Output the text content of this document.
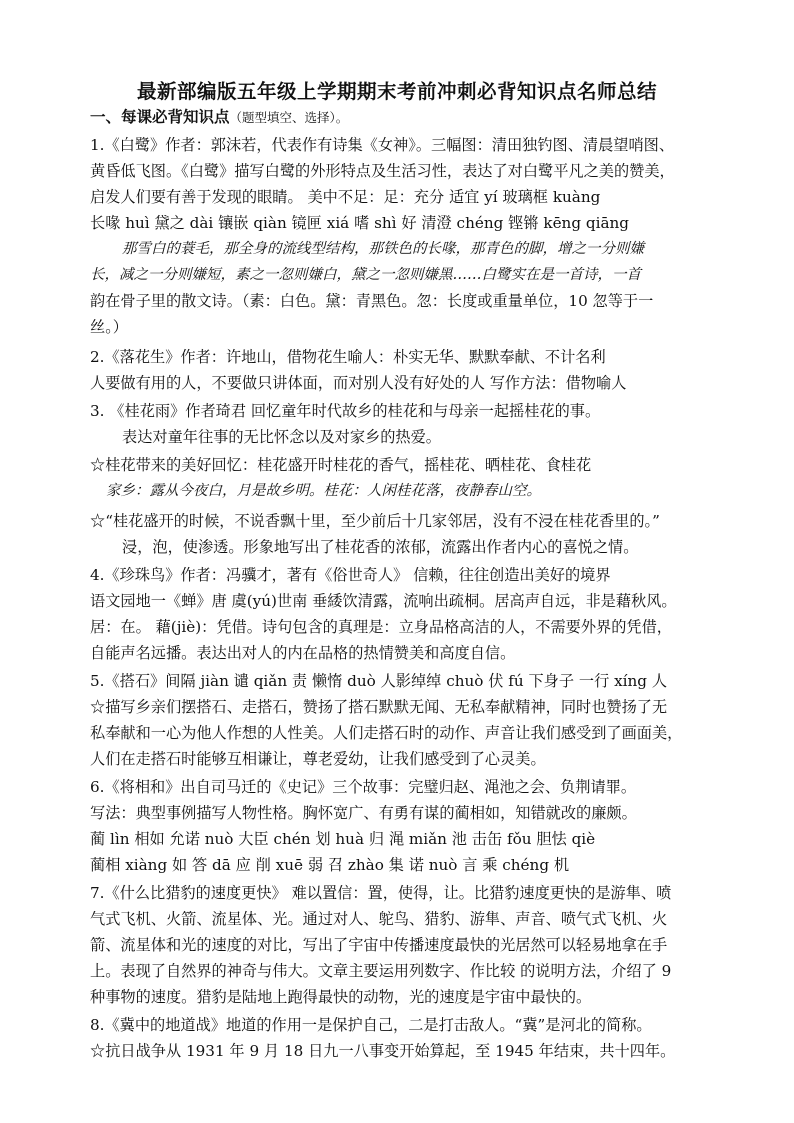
最新部编版五年级上学期期末考前冲刺必背知识点名师总结
一、每课必背知识点（题型填空、选择）。
1.《白鹭》作者：郭沫若，代表作有诗集《女神》。三幅图：清田独钓图、清晨望哨图、
黄昏低飞图。《白鹭》描写白鹭的外形特点及生活习性，表达了对白鹭平凡之美的赞美，
启发人们要有善于发现的眼睛。 美中不足：足：充分 适宜 yí 玻璃框 kuàng
长喙 huì 黛之 dài 镶嵌 qiàn 镜匣 xiá 嗜 shì 好 清澄 chéng 铿锵 kēng qiāng
那雪白的蓑毛，那全身的流线型结构，那铁色的长喙，那青色的脚，增之一分则嫌
长，减之一分则嫌短，素之一忽则嫌白，黛之一忽则嫌黑……白鹭实在是一首诗，一首
韵在骨子里的散文诗。（素：白色。黛：青黑色。忽：长度或重量单位，10 忽等于一
丝。）
2.《落花生》作者：许地山，借物花生喻人：朴实无华、默默奉献、不计名利
人要做有用的人，不要做只讲体面，而对别人没有好处的人 写作方法：借物喻人
3. 《桂花雨》作者琦君 回忆童年时代故乡的桂花和与母亲一起摇桂花的事。
表达对童年往事的无比怀念以及对家乡的热爱。
☆桂花带来的美好回忆：桂花盛开时桂花的香气，摇桂花、晒桂花、食桂花
家乡：露从今夜白，月是故乡明。桂花：人闲桂花落，夜静春山空。
☆“桂花盛开的时候，不说香飘十里，至少前后十几家邻居，没有不浸在桂花香里的。”
浸，泡，使渗透。形象地写出了桂花香的浓郁，流露出作者内心的喜悦之情。
4.《珍珠鸟》作者：冯骥才，著有《俗世奇人》 信赖，往往创造出美好的境界
语文园地一《蝉》唐 虞(yú)世南 垂緌饮清露，流响出疏桐。居高声自远，非是藉秋风。
居：在。 藉(jiè)：凭借。诗句包含的真理是：立身品格高洁的人，不需要外界的凭借，
自能声名远播。表达出对人的内在品格的热情赞美和高度自信。
5.《搭石》间隔 jiàn 谴 qiǎn 责 懒惰 duò 人影绰绰 chuò 伏 fú 下身子 一行 xíng 人
☆描写乡亲们摆搭石、走搭石，赞扬了搭石默默无闻、无私奉献精神，同时也赞扬了无
私奉献和一心为他人作想的人性美。人们走搭石时的动作、声音让我们感受到了画面美，
人们在走搭石时能够互相谦让，尊老爱幼，让我们感受到了心灵美。
6.《将相和》出自司马迁的《史记》三个故事：完璧归赵、渑池之会、负荆请罪。
写法：典型事例描写人物性格。胸怀宽广、有勇有谋的蔺相如，知错就改的廉颇。
蔺 lìn 相如 允诺 nuò 大臣 chén 划 huà 归 渑 miǎn 池 击缶 fǒu 胆怯 qiè
蔺相 xiàng 如 答 dā 应 削 xuē 弱 召 zhào 集 诺 nuò 言 乘 chéng 机
7.《什么比猎豹的速度更快》 难以置信：置，使得，让。比猎豹速度更快的是游隼、喷
气式飞机、火箭、流星体、光。通过对人、鸵鸟、猎豹、游隼、声音、喷气式飞机、火
箭、流星体和光的速度的对比，写出了宇宙中传播速度最快的光居然可以轻易地拿在手
上。表现了自然界的神奇与伟大。文章主要运用列数字、作比较 的说明方法，介绍了 9
种事物的速度。猎豹是陆地上跑得最快的动物，光的速度是宇宙中最快的。
8.《冀中的地道战》地道的作用一是保护自己，二是打击敌人。“冀”是河北的简称。
☆抗日战争从 1931 年 9 月 18 日九一八事变开始算起，至 1945 年结束，共十四年。
